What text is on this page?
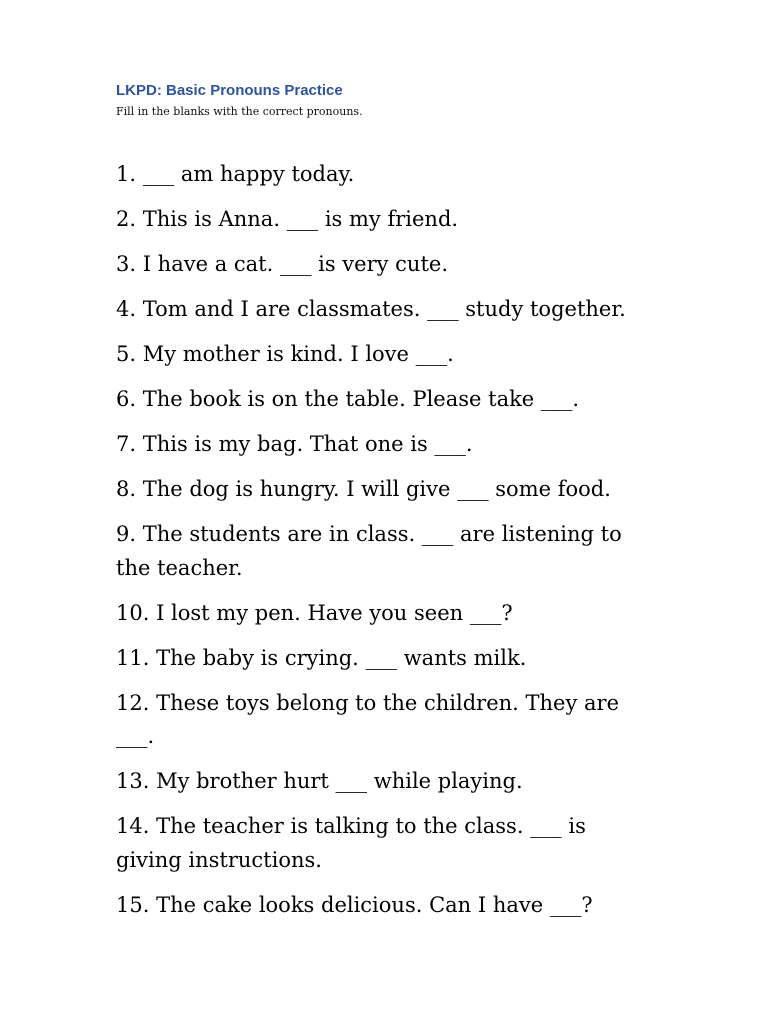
LKPD: Basic Pronouns Practice

Fill in the blanks with the correct pronouns.

1. ___ am happy today.
2. This is Anna. ___ is my friend.
3. I have a cat. ___ is very cute.
4. Tom and I are classmates. ___ study together.
5. My mother is kind. I love ___.
6. The book is on the table. Please take ___.
7. This is my bag. That one is ___.
8. The dog is hungry. I will give ___ some food.
9. The students are in class. ___ are listening to the teacher.
10. I lost my pen. Have you seen ___?
11. The baby is crying. ___ wants milk.
12. These toys belong to the children. They are ___.
13. My brother hurt ___ while playing.
14. The teacher is talking to the class. ___ is giving instructions.
15. The cake looks delicious. Can I have ___?
